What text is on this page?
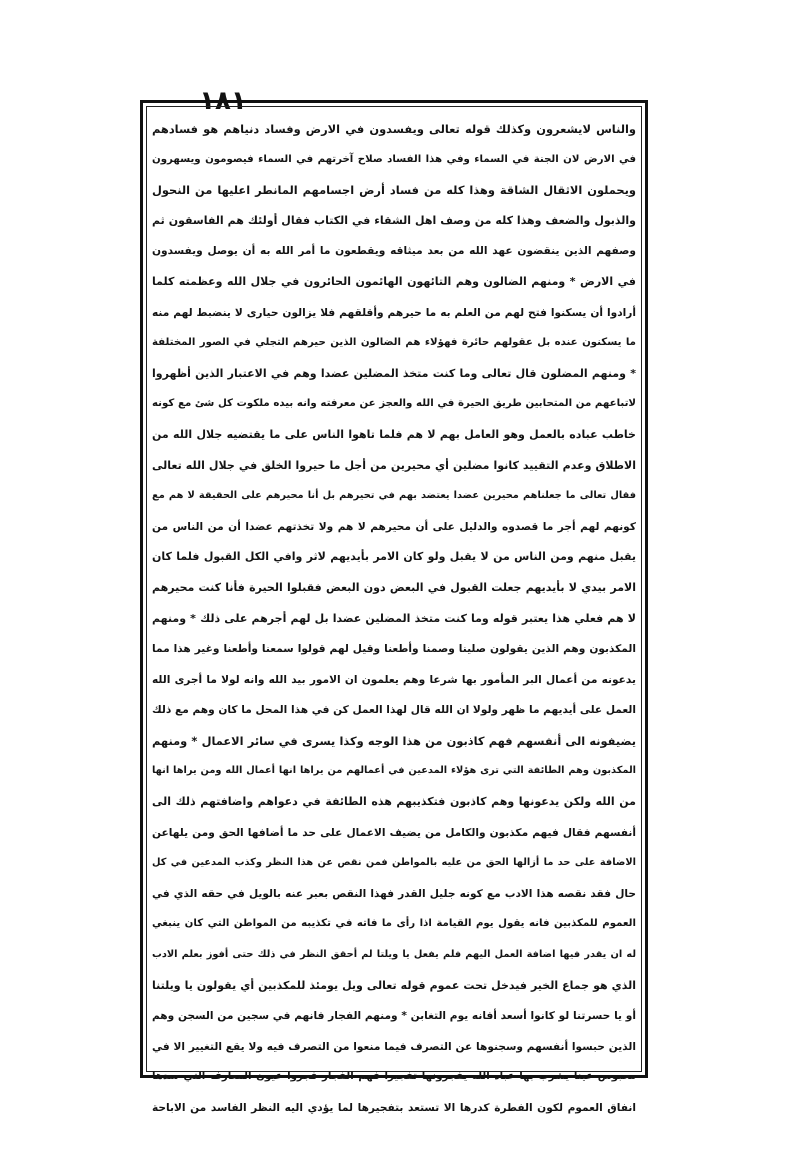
١٨١
والناس لايشعرون وكذلك قوله تعالى ويفسدون في الارض وفساد دنياهم هو فسادهم
في الارض لان الجنة في السماء وفي هذا الفساد صلاح آخرتهم في السماء فيصومون ويسهرون
ويحملون الاثقال الشاقة وهذا كله من فساد أرض اجسامهم المانطر اعليها من النحول
والذبول والضعف وهذا كله من وصف اهل الشقاء في الكتاب فقال أولئك هم الفاسقون ثم
وصفهم الذين ينقضون عهد الله من بعد ميثاقه ويقطعون ما أمر الله به أن يوصل ويفسدون
في الارض * ومنهم الضالون وهم التائهون الهائمون الحائرون في جلال الله وعظمته كلما
أرادوا أن يسكنوا فتح لهم من العلم به ما حيرهم وأقلقهم فلا يزالون حيارى لا ينضبط لهم منه
ما يسكنون عنده بل عقولهم حائرة فهؤلاء هم الضالون الذين حيرهم التجلي في الصور المختلفة
* ومنهم المضلون قال تعالى وما كنت متخذ المضلين عضدا وهم في الاعتبار الذين أظهروا
لاتباعهم من المتحابين طريق الحيرة في الله والعجز عن معرفته وانه بيده ملكوت كل شئ مع كونه
خاطب عباده بالعمل وهو العامل بهم لا هم فلما تاهوا الناس على ما يقتضيه جلال الله من
الاطلاق وعدم التقييد كانوا مضلين أي محيرين من أجل ما حيروا الخلق في جلال الله تعالى
فقال تعالى ما جعلناهم محيرين عضدا يعتضد بهم في تحيرهم بل أنا محيرهم على الحقيقة لا هم مع
كونهم لهم أجر ما قصدوه والدليل على أن محيرهم لا هم ولا تخذتهم عضدا أن من الناس من
يقبل منهم ومن الناس من لا يقبل ولو كان الامر بأيديهم لاثر وافي الكل القبول فلما كان
الامر بيدي لا بأيديهم جعلت القبول في البعض دون البعض فقبلوا الحيرة فأنا كنت محيرهم
لا هم فعلي هذا يعتبر قوله وما كنت متخذ المضلين عضدا بل لهم أجرهم على ذلك * ومنهم
المكذبون وهم الذين يقولون صلينا وصمنا وأطعنا وقيل لهم قولوا سمعنا وأطعنا وغير هذا مما
يدعونه من أعمال البر المأمور بها شرعا وهم يعلمون ان الامور بيد الله وانه لولا ما أجرى الله
العمل على أيديهم ما ظهر ولولا ان الله قال لهذا العمل كن في هذا المحل ما كان وهم مع ذلك
يضيفونه الى أنفسهم فهم كاذبون من هذا الوجه وكذا يسرى في سائر الاعمال * ومنهم
المكذبون وهم الطائفة التي ترى هؤلاء المدعين في أعمالهم من يراها انها أعمال الله ومن يراها انها
من الله ولكن يدعونها وهم كاذبون فتكذيبهم هذه الطائفة في دعواهم واضافتهم ذلك الى
أنفسهم فقال فيهم مكذبون والكامل من يضيف الاعمال على حد ما أضافها الحق ومن يلهاعن
الاضافة على حد ما أزالها الحق من عليه بالمواطن فمن نقص عن هذا النظر وكذب المدعين في كل
حال فقد نقصه هذا الادب مع كونه جليل القدر فهذا النقص بعبر عنه بالويل في حقه الذي في
العموم للمكذبين فانه يقول يوم القيامة اذا رأى ما فاته في تكذيبه من المواطن التي كان ينبغي
له ان يقدر فيها اضافة العمل اليهم فلم يفعل يا ويلتا لم أحقق النظر في ذلك حتى أفوز بعلم الادب
الذي هو جماع الخير فيدخل تحت عموم قوله تعالى ويل يومئذ للمكذبين أي يقولون يا ويلتنا
أو يا حسرتنا لو كانوا أسعد أفانه يوم التغابن * ومنهم الفجار فانهم في سجين من السجن وهم
الذين حبسوا أنفسهم وسجنوها عن التصرف فيما منعوا من التصرف فيه ولا يقع التغيير الا في
محبوس عينا يشرب بها عباد الله يفجرونها تفجيرا فهم الفجار فجروا عيون المعارف التي سدها
انفاق العموم لكون الفطرة كدرها الا تستعد بتفجيرها لما يؤدي اليه النظر الفاسد من الاباحة
